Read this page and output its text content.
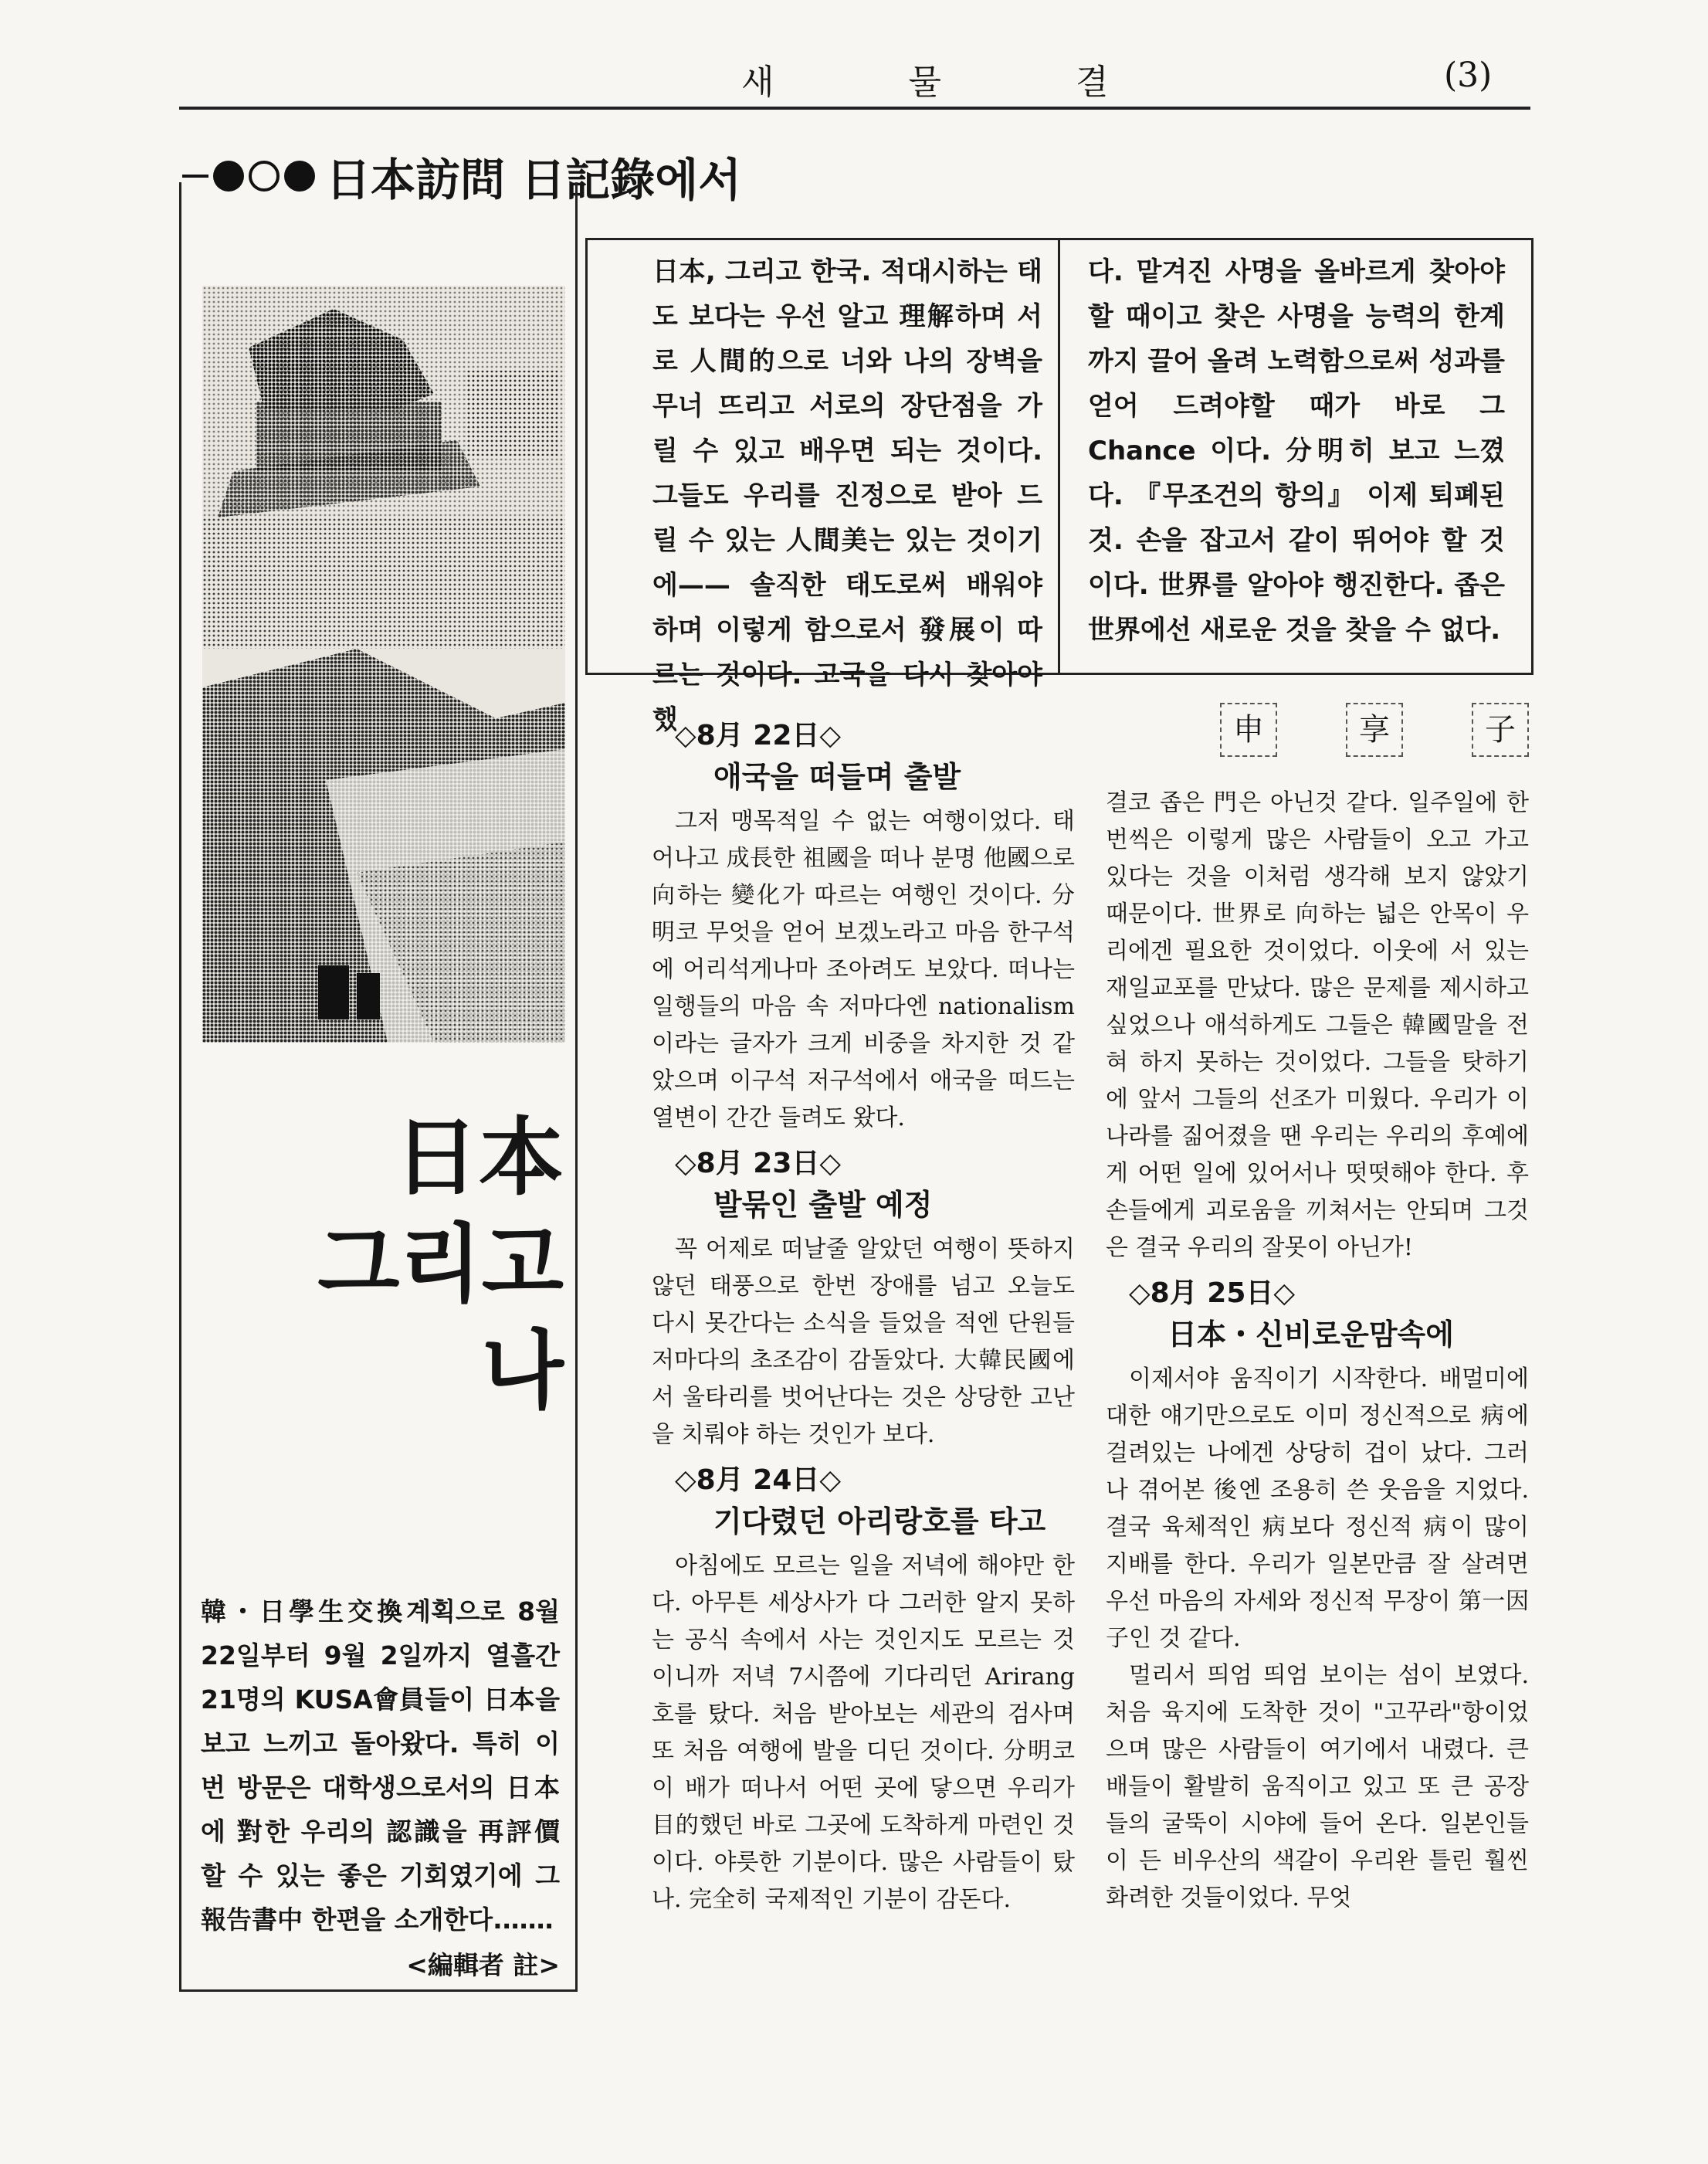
새 물 결	(3)
日本訪問 日記錄에서
日本
그리고
나
韓・日學生交換계획으로 8월 22일부터 9월 2일까지 열흘간 21명의 KUSA會員들이 日本을 보고 느끼고 돌아왔다. 특히 이번 방문은 대학생으로서의 日本에 對한 우리의 認識을 再評價할 수 있는 좋은 기회였기에 그 報告書中 한편을 소개한다.……
<編輯者 註>
日本, 그리고 한국. 적대시하는 태도 보다는 우선 알고 理解하며 서로 人間的으로 너와 나의 장벽을 무너 뜨리고 서로의 장단점을 가릴 수 있고 배우면 되는 것이다. 그들도 우리를 진정으로 받아 드릴 수 있는 人間美는 있는 것이기에—— 솔직한 태도로써 배워야 하며 이렇게 함으로서 發展이 따르는 것이다. 고국을 다시 찾아야 했
다. 맡겨진 사명을 올바르게 찾아야 할 때이고 찾은 사명을 능력의 한계까지 끌어 올려 노력함으로써 성과를 얻어 드려야할 때가 바로 그 Chance 이다. 分明히 보고 느꼈다. 『무조건의 항의』 이제 퇴폐된 것. 손을 잡고서 같이 뛰어야 할 것이다. 世界를 알아야 행진한다. 좁은 世界에선 새로운 것을 찾을 수 없다.
申	享	子
◇8月 22日◇
애국을 떠들며 출발

그저 맹목적일 수 없는 여행이었다. 태어나고 成長한 祖國을 떠나 분명 他國으로 向하는 變化가 따르는 여행인 것이다. 分明코 무엇을 얻어 보겠노라고 마음 한구석에 어리석게나마 조아려도 보았다. 떠나는 일행들의 마음 속 저마다엔 nationalism이라는 글자가 크게 비중을 차지한 것 같았으며 이구석 저구석에서 애국을 떠드는 열변이 간간 들려도 왔다.

◇8月 23日◇
발묶인 출발 예정

꼭 어제로 떠날줄 알았던 여행이 뜻하지 않던 태풍으로 한번 장애를 넘고 오늘도 다시 못간다는 소식을 들었을 적엔 단원들 저마다의 초조감이 감돌았다. 大韓民國에서 울타리를 벗어난다는 것은 상당한 고난을 치뤄야 하는 것인가 보다.

◇8月 24日◇
기다렸던 아리랑호를 타고

아침에도 모르는 일을 저녁에 해야만 한다. 아무튼 세상사가 다 그러한 알지 못하는 공식 속에서 사는 것인지도 모르는 것이니까 저녁 7시쯤에 기다리던 Arirang호를 탔다. 처음 받아보는 세관의 검사며 또 처음 여행에 발을 디딘 것이다. 分明코 이 배가 떠나서 어떤 곳에 닿으면 우리가 目的했던 바로 그곳에 도착하게 마련인 것이다. 야릇한 기분이다. 많은 사람들이 탔나. 完全히 국제적인 기분이 감돈다.

결코 좁은 門은 아닌것 같다. 일주일에 한번씩은 이렇게 많은 사람들이 오고 가고 있다는 것을 이처럼 생각해 보지 않았기 때문이다. 世界로 向하는 넓은 안목이 우리에겐 필요한 것이었다. 이웃에 서 있는 재일교포를 만났다. 많은 문제를 제시하고 싶었으나 애석하게도 그들은 韓國말을 전혀 하지 못하는 것이었다. 그들을 탓하기에 앞서 그들의 선조가 미웠다. 우리가 이 나라를 짊어졌을 땐 우리는 우리의 후예에게 어떤 일에 있어서나 떳떳해야 한다. 후손들에게 괴로움을 끼쳐서는 안되며 그것은 결국 우리의 잘못이 아닌가!

◇8月 25日◇
日本・신비로운맘속에

이제서야 움직이기 시작한다. 배멀미에 대한 얘기만으로도 이미 정신적으로 病에 걸려있는 나에겐 상당히 겁이 났다. 그러나 겪어본 後엔 조용히 쓴 웃음을 지었다. 결국 육체적인 病보다 정신적 病이 많이 지배를 한다. 우리가 일본만큼 잘 살려면 우선 마음의 자세와 정신적 무장이 第一因子인 것 같다.

멀리서 띄엄 띄엄 보이는 섬이 보였다. 처음 육지에 도착한 것이 "고꾸라"항이었으며 많은 사람들이 여기에서 내렸다. 큰 배들이 활발히 움직이고 있고 또 큰 공장들의 굴뚝이 시야에 들어 온다. 일본인들이 든 비우산의 색갈이 우리완 틀린 훨씬 화려한 것들이었다. 무엇
